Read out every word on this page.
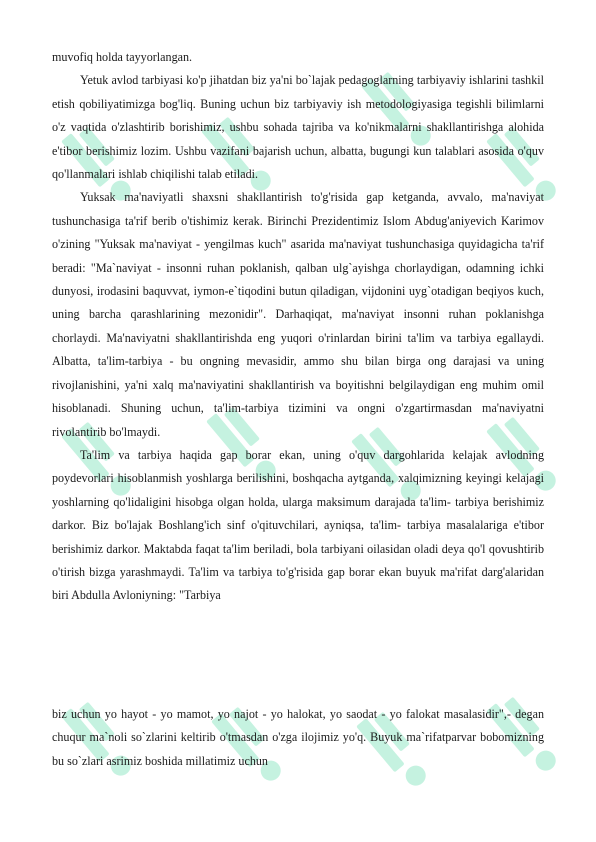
muvofiq holda tayyorlangan.

Yetuk avlod tarbiyasi ko'p jihatdan biz ya'ni bo`lajak pedagoglarning tarbiyaviy ishlarini tashkil etish qobiliyatimizga bog'liq. Buning uchun biz tarbiyaviy ish metodologiyasiga tegishli bilimlarni o'z vaqtida o'zlashtirib borishimiz, ushbu sohada tajriba va ko'nikmalarni shakllantirishga alohida e'tibor berishimiz lozim. Ushbu vazifani bajarish uchun, albatta, bugungi kun talablari asosida o'quv qo'llanmalari ishlab chiqilishi talab etiladi.

Yuksak ma'naviyatli shaxsni shakllantirish to'g'risida gap ketganda, avvalo, ma'naviyat tushunchasiga ta'rif berib o'tishimiz kerak. Birinchi Prezidentimiz Islom Abdug'aniyevich Karimov o'zining "Yuksak ma'naviyat - yengilmas kuch" asarida ma'naviyat tushunchasiga quyidagicha ta'rif beradi: "Ma`naviyat - insonni ruhan poklanish, qalban ulg`ayishga chorlaydigan, odamning ichki dunyosi, irodasini baquvvat, iymon-e`tiqodini butun qiladigan, vijdonini uyg`otadigan beqiyos kuch, uning barcha qarashlarining mezonidir". Darhaqiqat, ma'naviyat insonni ruhan poklanishga chorlaydi. Ma'naviyatni shakllantirishda eng yuqori o'rinlardan birini ta'lim va tarbiya egallaydi. Albatta, ta'lim-tarbiya - bu ongning mevasidir, ammo shu bilan birga ong darajasi va uning rivojlanishini, ya'ni xalq ma'naviyatini shakllantirish va boyitishni belgilaydigan eng muhim omil hisoblanadi. Shuning uchun, ta'lim-tarbiya tizimini va ongni o'zgartirmasdan ma'naviyatni rivolantirib bo'lmaydi.

Ta'lim va tarbiya haqida gap borar ekan, uning o'quv dargohlarida kelajak avlodning poydevorlari hisoblanmish yoshlarga berilishini, boshqacha aytganda, xalqimizning keyingi kelajagi yoshlarning qo'lidaligini hisobga olgan holda, ularga maksimum darajada ta'lim- tarbiya berishimiz darkor. Biz bo'lajak Boshlang'ich sinf o'qituvchilari, ayniqsa, ta'lim- tarbiya masalalariga e'tibor berishimiz darkor. Maktabda faqat ta'lim beriladi, bola tarbiyani oilasidan oladi deya qo'l qovushtirib o'tirish bizga yarashmaydi. Ta'lim va tarbiya to'g'risida gap borar ekan buyuk ma'rifat darg'alaridan biri Abdulla Avloniyning: "Tarbiya

biz uchun yo hayot - yo mamot, yo najot - yo halokat, yo saodat - yo falokat masalasidir",- degan chuqur ma`noli so`zlarini keltirib o'tmasdan o'zga ilojimiz yo'q. Buyuk ma`rifatparvar bobomizning bu so`zlari asrimiz boshida millatimiz uchun
